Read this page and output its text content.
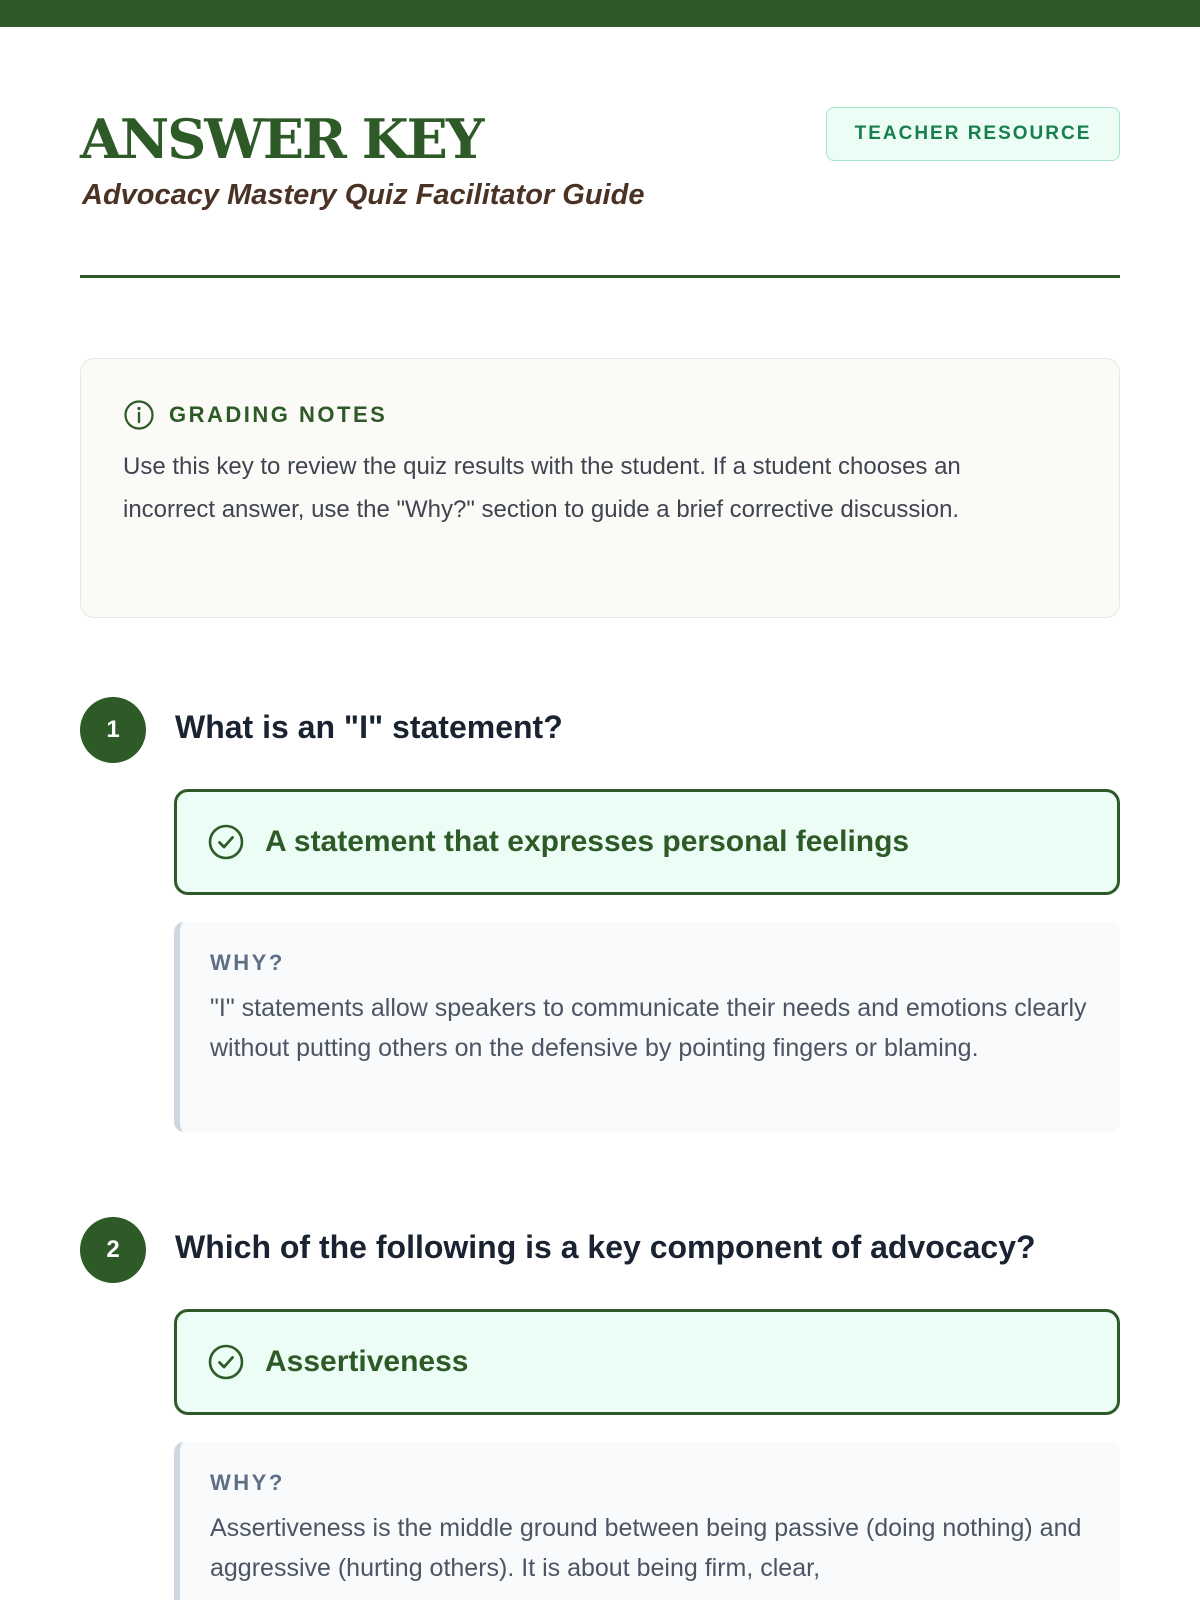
ANSWER KEY
Advocacy Mastery Quiz Facilitator Guide
TEACHER RESOURCE
GRADING NOTES

Use this key to review the quiz results with the student. If a student chooses an incorrect answer, use the "Why?" section to guide a brief corrective discussion.

1	What is an "I" statement?
A statement that expresses personal feelings

WHY?

"I" statements allow speakers to communicate their needs and emotions clearly without putting others on the defensive by pointing fingers or blaming.

2	Which of the following is a key component of advocacy?
Assertiveness

WHY?

Assertiveness is the middle ground between being passive (doing nothing) and aggressive (hurting others). It is about being firm, clear,
